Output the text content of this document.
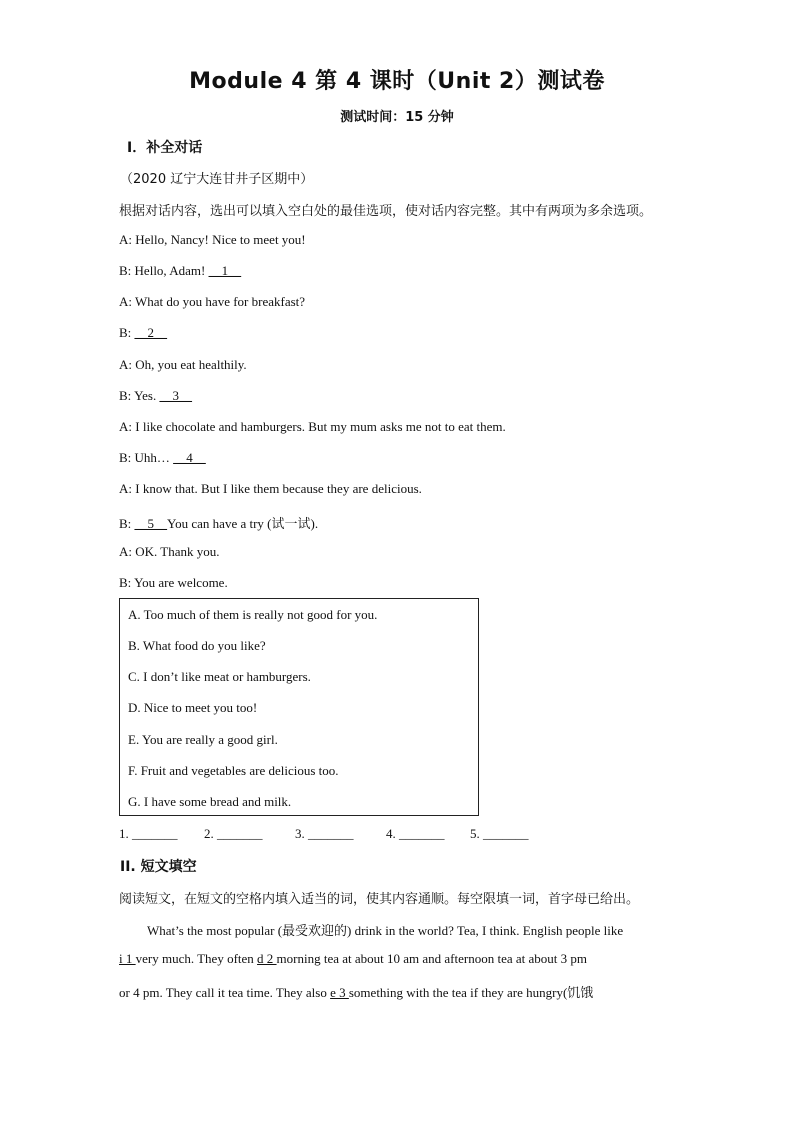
Module 4 第 4 课时（Unit 2）测试卷
测试时间：15 分钟
I．补全对话
（2020 辽宁大连甘井子区期中）
根据对话内容，选出可以填入空白处的最佳选项，使对话内容完整。其中有两项为多余选项。
A: Hello, Nancy! Nice to meet you!
B: Hello, Adam! __1__
A: What do you have for breakfast?
B: __2__
A: Oh, you eat healthily.
B: Yes. __3__
A: I like chocolate and hamburgers. But my mum asks me not to eat them.
B: Uhh… __4__
A: I know that. But I like them because they are delicious.
B: __5__You can have a try (试一试).
A: OK. Thank you.
B: You are welcome.
A. Too much of them is really not good for you.
B. What food do you like?
C. I don’t like meat or hamburgers.
D. Nice to meet you too!
E. You are really a good girl.
F. Fruit and vegetables are delicious too.
G. I have some bread and milk.
1. _______ 2. _______	3. _______	4. _______ 5. _______
II. 短文填空
阅读短文，在短文的空格内填入适当的词，使其内容通顺。每空限填一词，首字母已给出。
What’s the most popular (最受欢迎的) drink in the world? Tea, I think. English people like
i 1 very much. They often d 2 morning tea at about 10 am and afternoon tea at about 3 pm
or 4 pm. They call it tea time. They also e 3 something with the tea if they are hungry(饥饿
